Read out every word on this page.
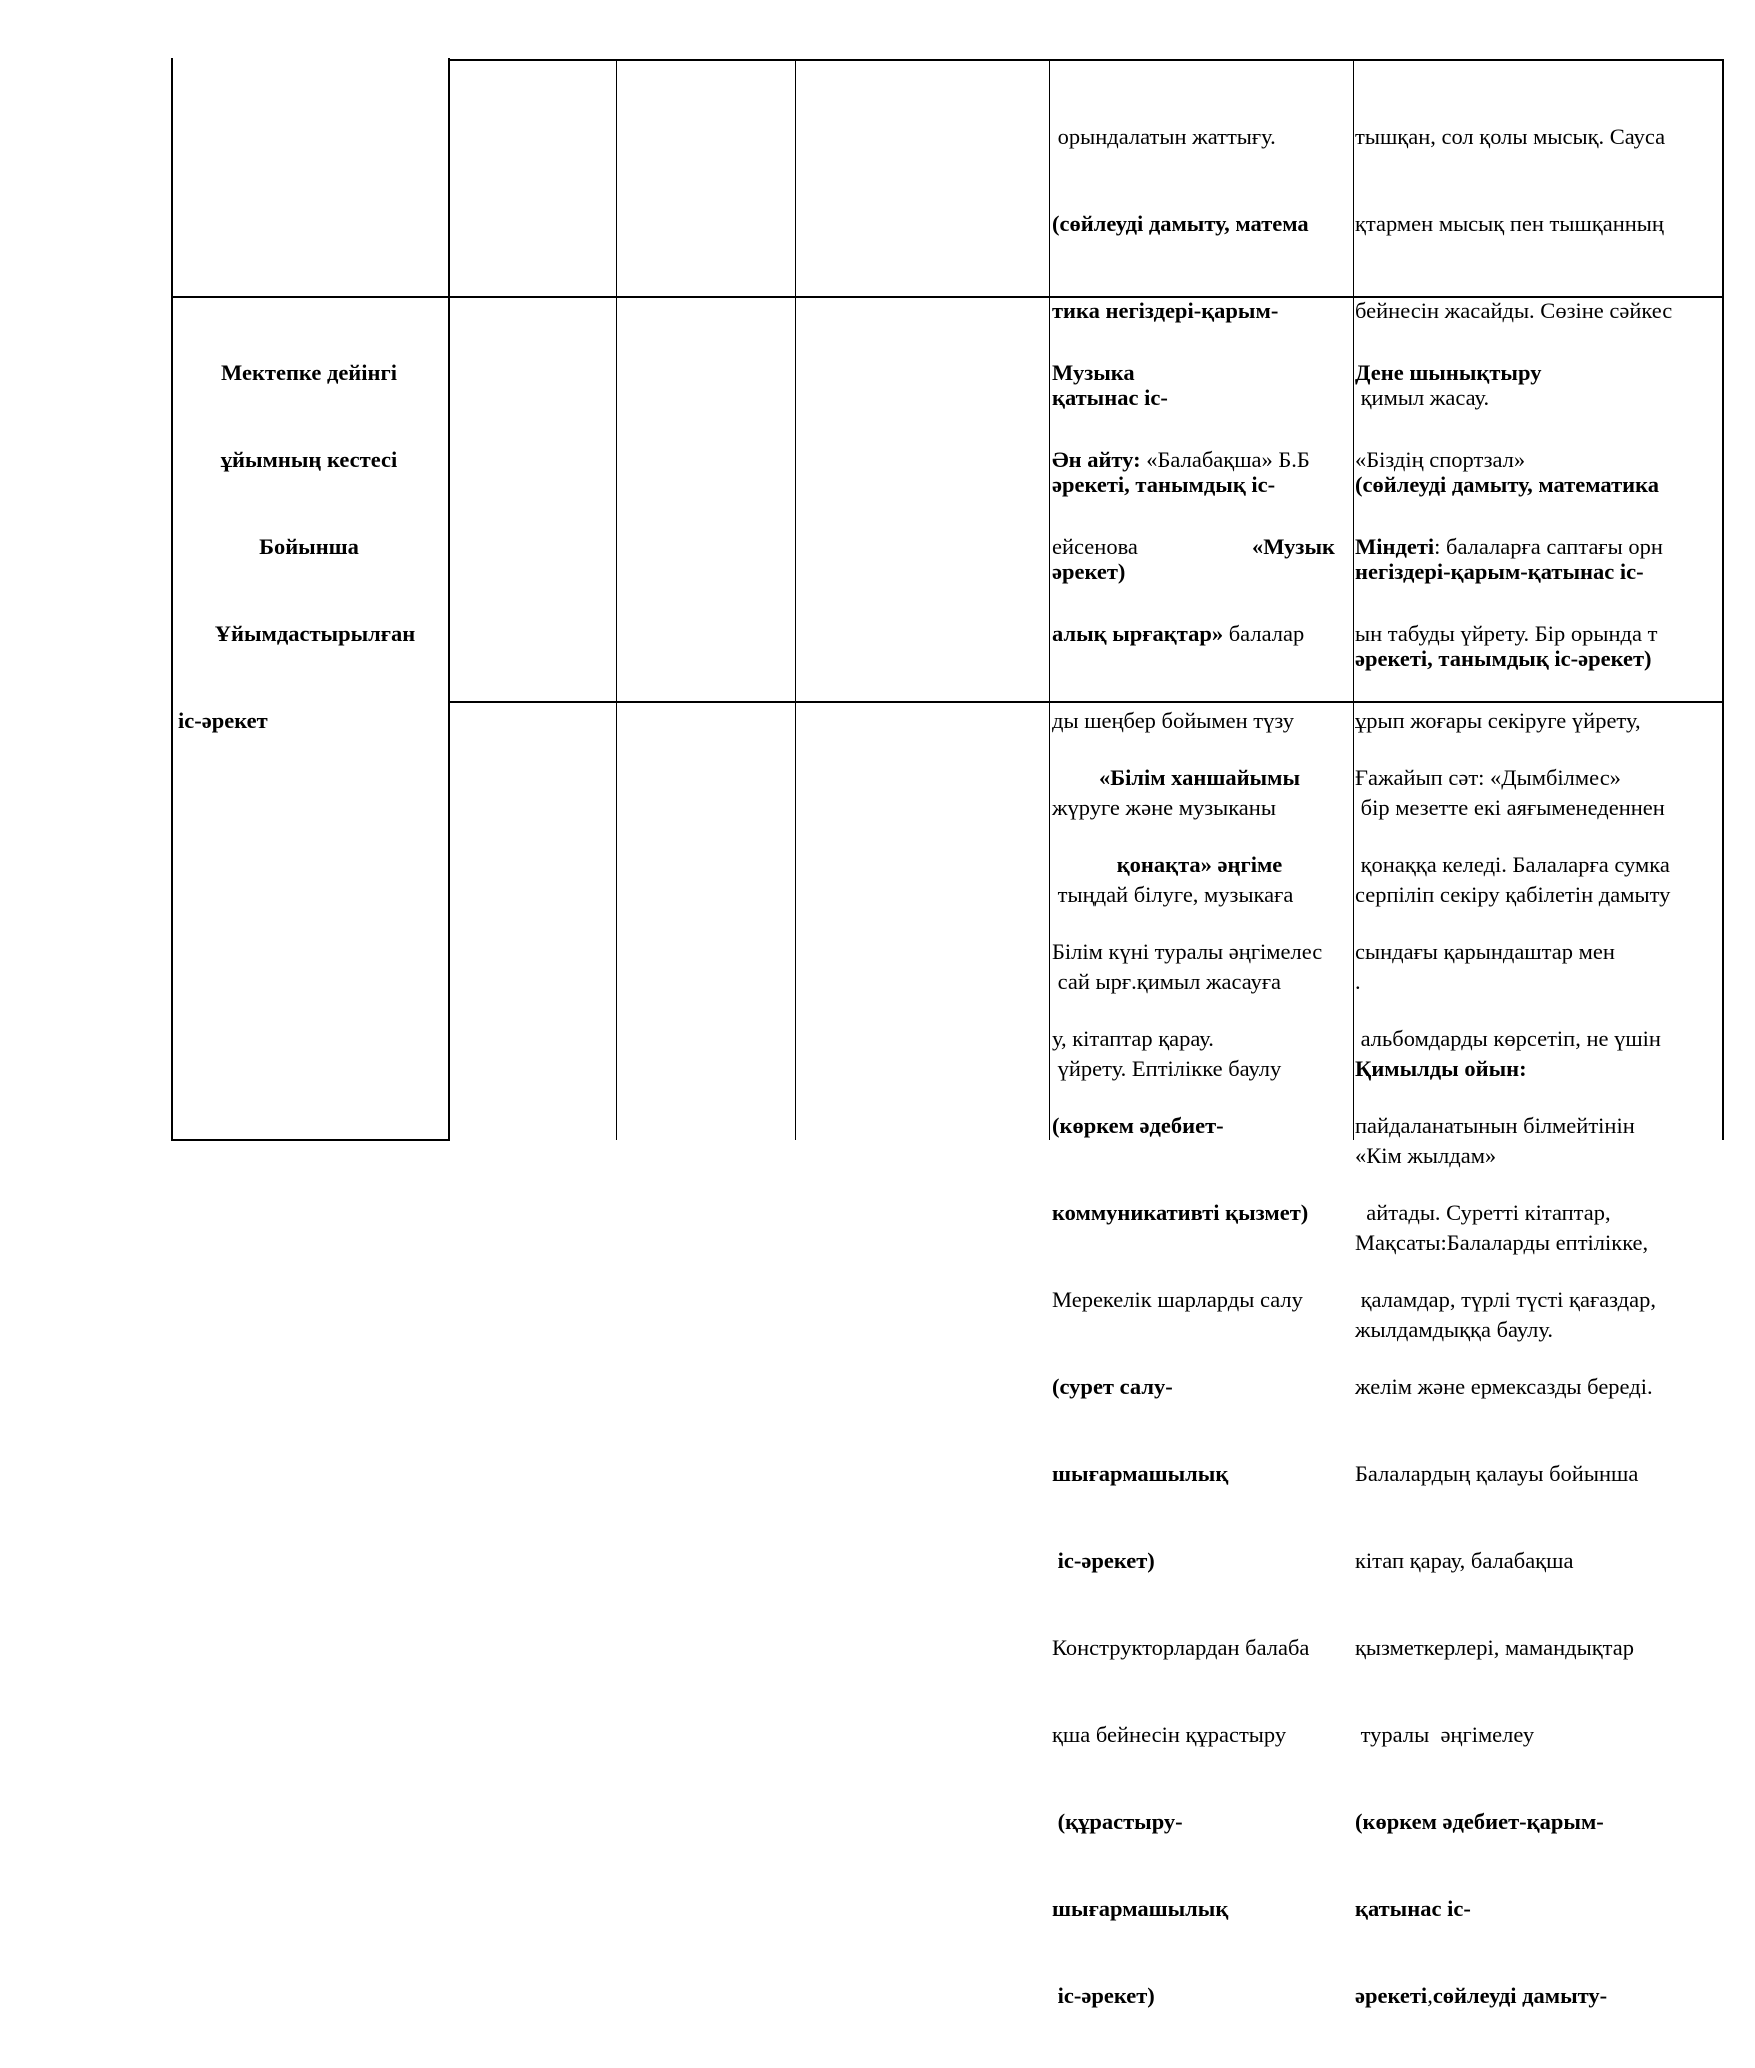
орындалатын жаттығу.

(сөйлеуді дамыту, матема

тика негіздері-қарым-

қатынас іс-

әрекеті, танымдық іс-

әрекет)

тышқан, сол қолы мысық. Сауса

қтармен мысық пен тышқанның

бейнесін жасайды. Сөзіне сәйкес

қимыл жасау.

(сөйлеуді дамыту, математика

негіздері-қарым-қатынас іс-

әрекеті, танымдық іс-әрекет)

Мектепке дейінгі

ұйымның кестесі

Бойынша

Ұйымдастырылған

іс-әрекет

Музыка

Ән айту: «Балабақша» Б.Б

ейсенова	«Музык

алық ырғақтар» балалар

ды шеңбер бойымен түзу

жүруге және музыканы

тыңдай білуге, музыкаға

сай ырғ.қимыл жасауға

үйрету. Ептілікке баулу

Дене шынықтыру

«Біздің спортзал»

Міндеті: балаларға саптағы орн

ын табуды үйрету. Бір орында т

ұрып жоғары секіруге үйрету,

бір мезетте екі аяғыменеденнен

серпіліп секіру қабілетін дамыту

.

Қимылды ойын:

«Кім жылдам»

Мақсаты:Балаларды ептілікке,

жылдамдыққа баулу.

«Білім ханшайымы

қонақта» әңгіме

Білім күні туралы әңгімелес

у, кітаптар қарау.

(көркем әдебиет-

коммуникативті қызмет)

Мерекелік шарларды салу

(сурет салу-

шығармашылық

іс-әрекет)

Конструкторлардан балаба

қша бейнесін құрастыру

(құрастыру-

шығармашылық

іс-әрекет)

Ғажайып сәт: «Дымбілмес»

қонаққа келеді. Балаларға сумка

сындағы қарындаштар мен

альбомдарды көрсетіп, не үшін

пайдаланатынын білмейтінін

айтады. Суретті кітаптар,

қаламдар, түрлі түсті қағаздар,

желім және ермексазды береді.

Балалардың қалауы бойынша

кітап қарау, балабақша

қызметкерлері, мамандықтар

туралы  әңгімелеу

(көркем әдебиет-қарым-

қатынас іс-

әрекеті,сөйлеуді дамыту-
